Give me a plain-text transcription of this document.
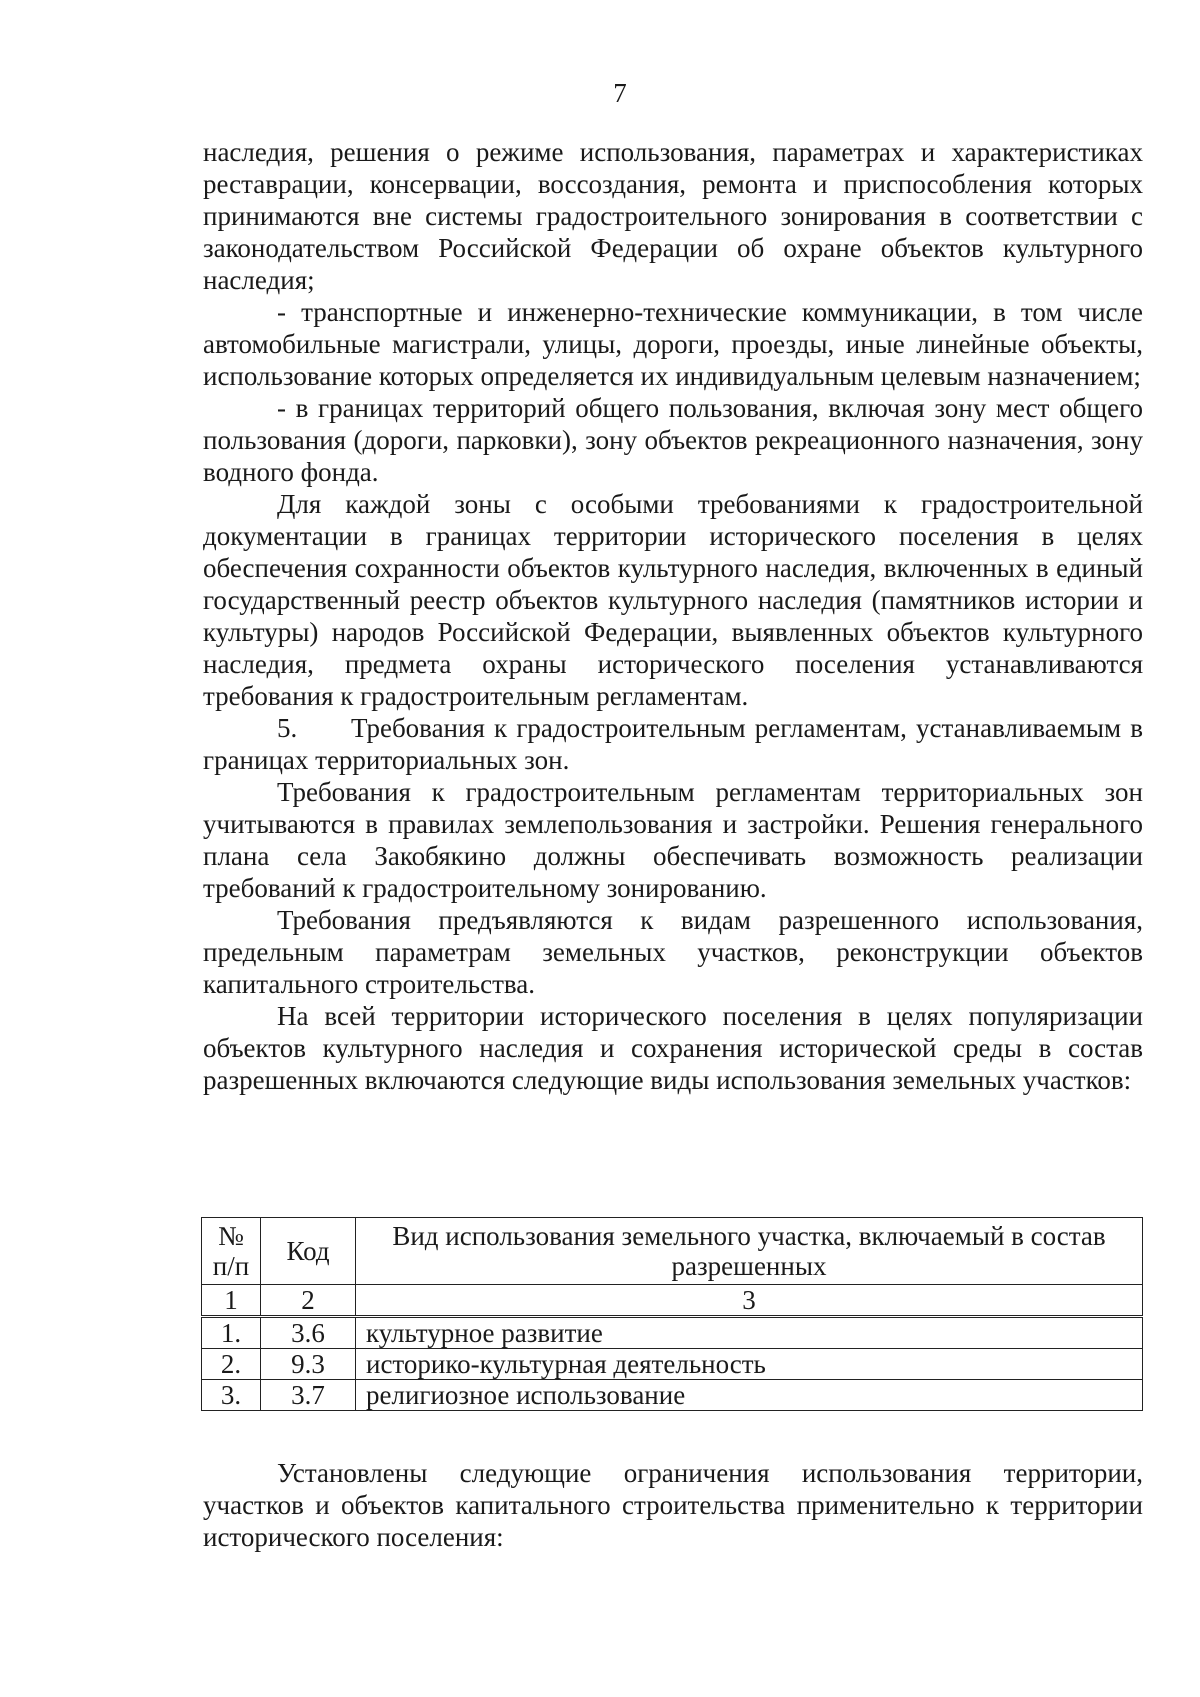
7

наследия, решения о режиме использования, параметрах и характеристиках реставрации, консервации, воссоздания, ремонта и приспособления которых принимаются вне системы градостроительного зонирования в соответствии с законодательством Российской Федерации об охране объектов культурного наследия;

- транспортные и инженерно-технические коммуникации, в том числе автомобильные магистрали, улицы, дороги, проезды, иные линейные объекты, использование которых определяется их индивидуальным целевым назначением;

- в границах территорий общего пользования, включая зону мест общего пользования (дороги, парковки), зону объектов рекреационного назначения, зону водного фонда.

Для каждой зоны с особыми требованиями к градостроительной документации в границах территории исторического поселения в целях обеспечения сохранности объектов культурного наследия, включенных в единый государственный реестр объектов культурного наследия (памятников истории и культуры) народов Российской Федерации, выявленных объектов культурного наследия, предмета охраны исторического поселения устанавливаются требования к градостроительным регламентам.

5. Требования к градостроительным регламентам, устанавливаемым в границах территориальных зон.

Требования к градостроительным регламентам территориальных зон учитываются в правилах землепользования и застройки. Решения генерального плана села Закобякино должны обеспечивать возможность реализации требований к градостроительному зонированию.

Требования предъявляются к видам разрешенного использования, предельным параметрам земельных участков, реконструкции объектов капитального строительства.

На всей территории исторического поселения в целях популяризации объектов культурного наследия и сохранения исторической среды в состав разрешенных включаются следующие виды использования земельных участков:

№ п/п	Код	Вид использования земельного участка, включаемый в состав разрешенных
1	2	3
1.	3.6	культурное развитие
2.	9.3	историко-культурная деятельность
3.	3.7	религиозное использование

Установлены следующие ограничения использования территории, участков и объектов капитального строительства применительно к территории исторического поселения:
